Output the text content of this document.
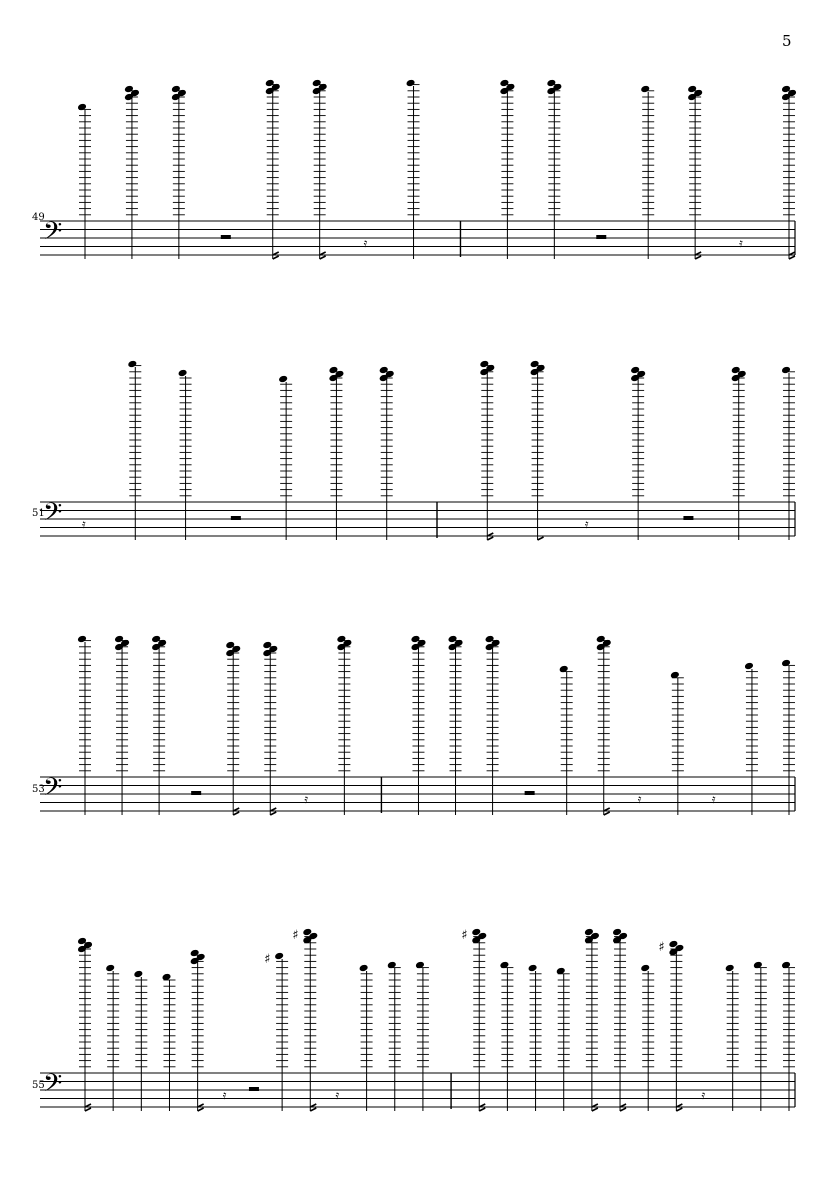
5
49
51
53
55
𝄢	𝄿	𝄿
𝄢 𝄿	𝄿
𝄢	𝄿	𝄿	𝄿
𝄢	𝄿
♯
♯
𝄿
♯
♯
𝄿
